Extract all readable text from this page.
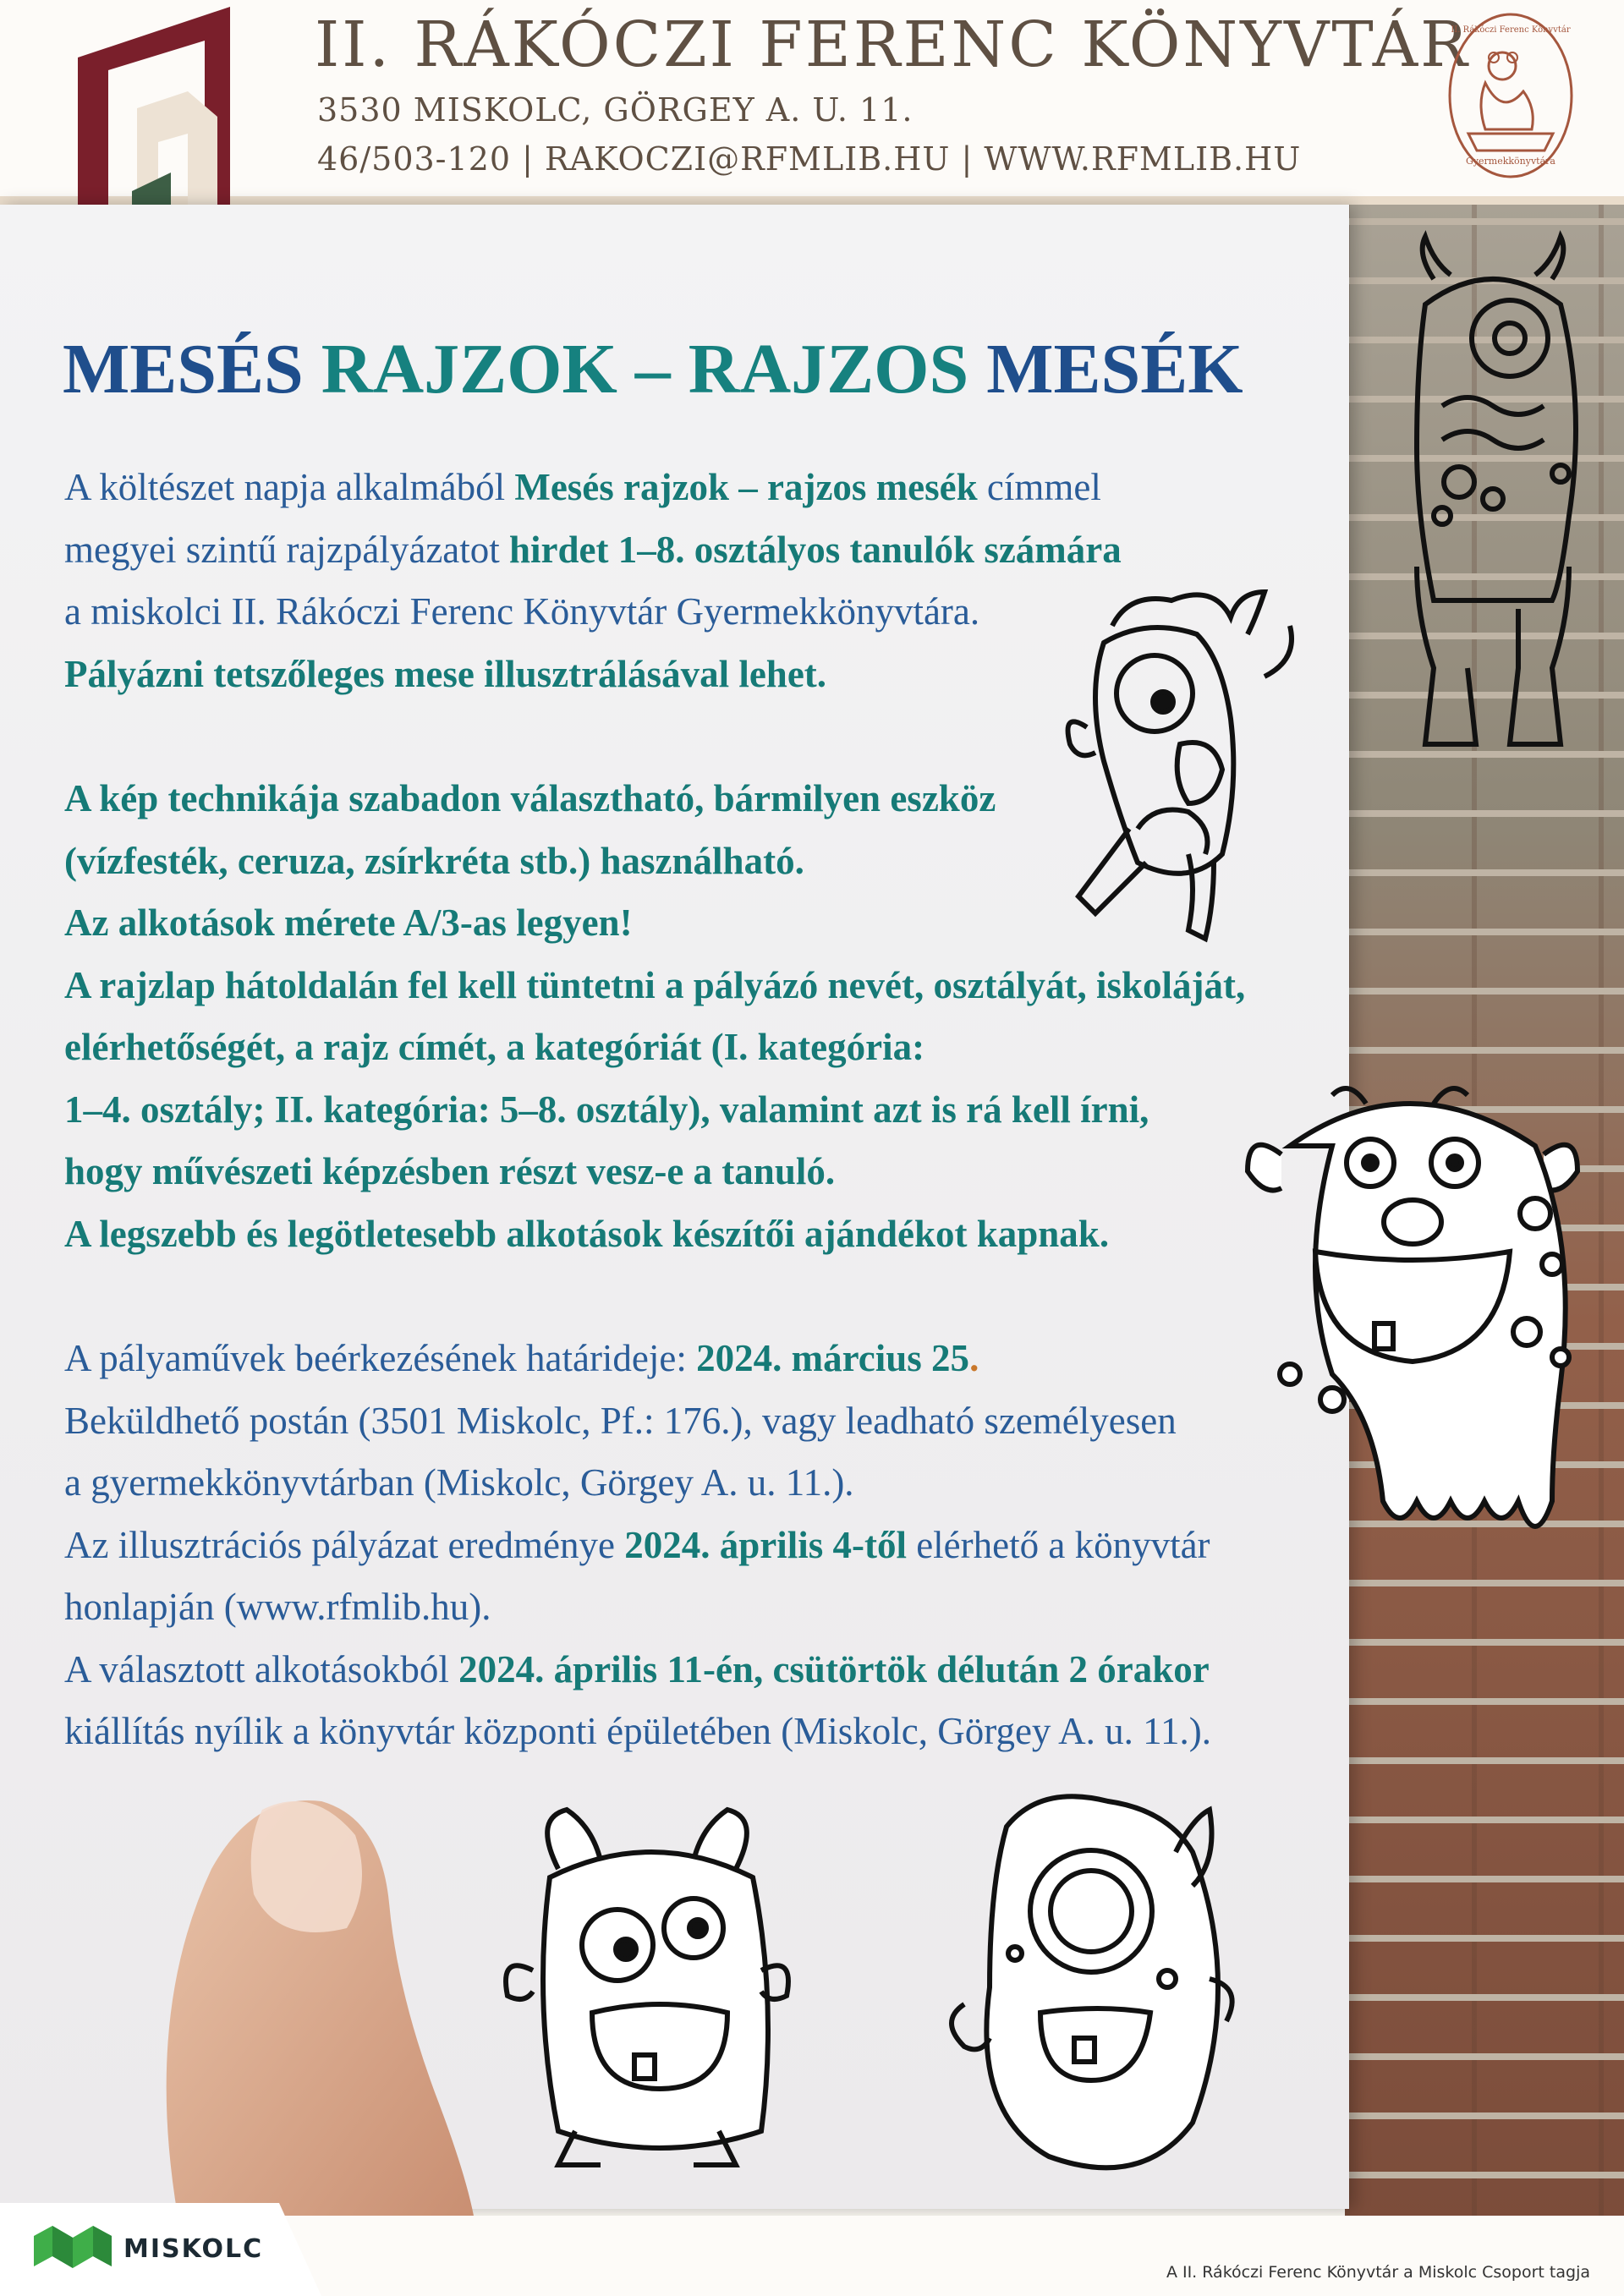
II. RÁKÓCZI FERENC KÖNYVTÁR
3530 MISKOLC, GÖRGEY A. U. 11.
46/503-120 | RAKOCZI@RFMLIB.HU | WWW.RFMLIB.HU
II. Rákóczi Ferenc Könyvtár
Gyermekkönyvtára
MESÉS RAJZOK – RAJZOS MESÉK
A költészet napja alkalmából Mesés rajzok – rajzos mesék címmel
megyei szintű rajzpályázatot hirdet 1–8. osztályos tanulók számára
a miskolci II. Rákóczi Ferenc Könyvtár Gyermekkönyvtára.
Pályázni tetszőleges mese illusztrálásával lehet.
A kép technikája szabadon választható, bármilyen eszköz
(vízfesték, ceruza, zsírkréta stb.) használható.
Az alkotások mérete A/3-as legyen!
A rajzlap hátoldalán fel kell tüntetni a pályázó nevét, osztályát, iskoláját,
elérhetőségét, a rajz címét, a kategóriát (I. kategória:
1–4. osztály; II. kategória: 5–8. osztály), valamint azt is rá kell írni,
hogy művészeti képzésben részt vesz-e a tanuló.
A legszebb és legötletesebb alkotások készítői ajándékot kapnak.
A pályaművek beérkezésének határideje: 2024. március 25.
Beküldhető postán (3501 Miskolc, Pf.: 176.), vagy leadható személyesen
a gyermekkönyvtárban (Miskolc, Görgey A. u. 11.).
Az illusztrációs pályázat eredménye 2024. április 4-től elérhető a könyvtár
honlapján (www.rfmlib.hu).
A választott alkotásokból 2024. április 11-én, csütörtök délután 2 órakor
kiállítás nyílik a könyvtár központi épületében (Miskolc, Görgey A. u. 11.).
MISKOLC
A II. Rákóczi Ferenc Könyvtár a Miskolc Csoport tagja
